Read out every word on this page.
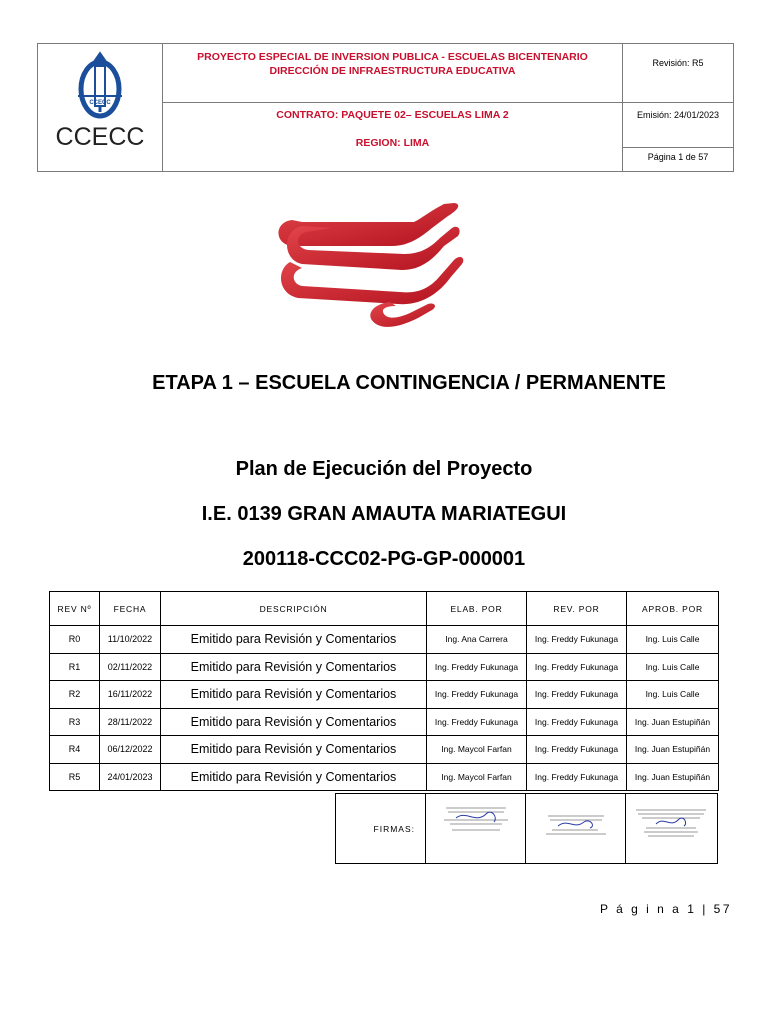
CCECC
CCECC
PROYECTO ESPECIAL DE INVERSION PUBLICA - ESCUELAS BICENTENARIO
DIRECCIÓN DE INFRAESTRUCTURA EDUCATIVA
CONTRATO: PAQUETE 02– ESCUELAS LIMA 2
REGION: LIMA
Revisión: R5
Emisión: 24/01/2023
Página 1 de 57
ETAPA 1 – ESCUELA CONTINGENCIA / PERMANENTE
Plan de Ejecución del Proyecto
I.E. 0139 GRAN AMAUTA MARIATEGUI
200118-CCC02-PG-GP-000001
REV Nº	FECHA	DESCRIPCIÓN	ELAB. POR	REV. POR	APROB. POR
R0	11/10/2022	Emitido para Revisión y Comentarios	Ing. Ana Carrera	Ing. Freddy Fukunaga	Ing. Luis Calle
R1	02/11/2022	Emitido para Revisión y Comentarios	Ing. Freddy Fukunaga	Ing. Freddy Fukunaga	Ing. Luis Calle
R2	16/11/2022	Emitido para Revisión y Comentarios	Ing. Freddy Fukunaga	Ing. Freddy Fukunaga	Ing. Luis Calle
R3	28/11/2022	Emitido para Revisión y Comentarios	Ing. Freddy Fukunaga	Ing. Freddy Fukunaga	Ing. Juan Estupiñán
R4	06/12/2022	Emitido para Revisión y Comentarios	Ing. Maycol Farfan	Ing. Freddy Fukunaga	Ing. Juan Estupiñán
R5	24/01/2023	Emitido para Revisión y Comentarios	Ing. Maycol Farfan	Ing. Freddy Fukunaga	Ing. Juan Estupiñán
FIRMAS:			
P á g i n a 1 | 57
